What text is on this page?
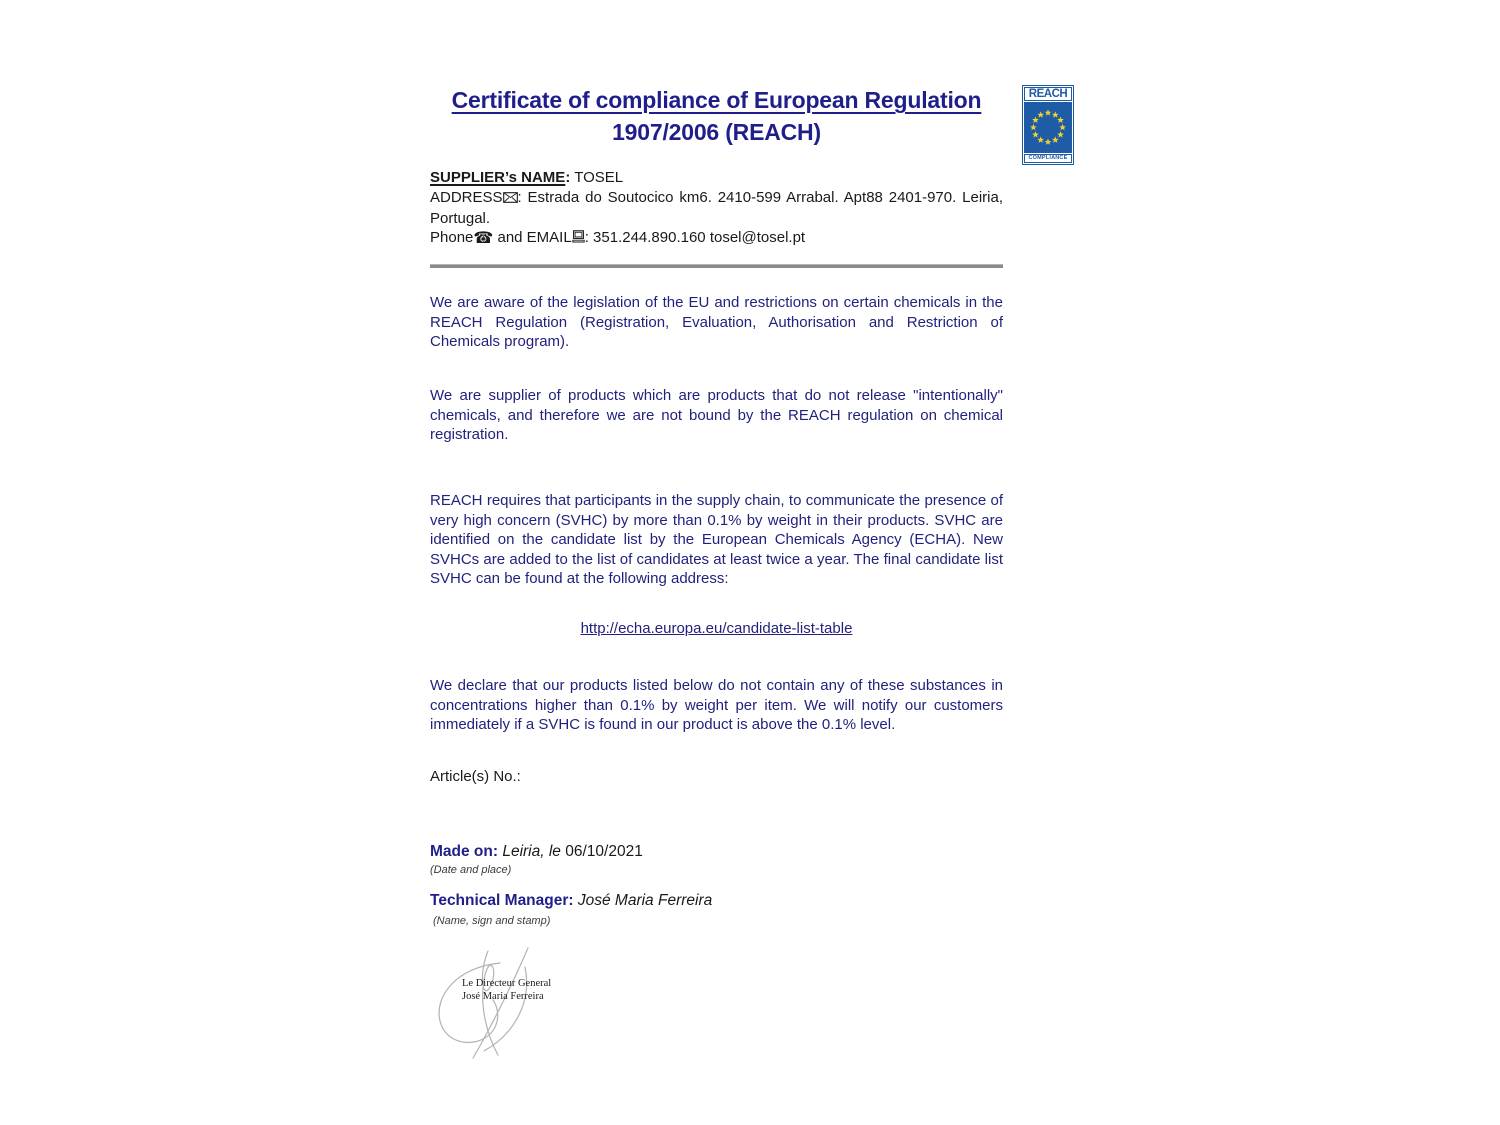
Certificate of compliance of European Regulation
1907/2006 (REACH)
REACH
COMPLIANCE
SUPPLIER’s NAME: TOSEL
ADDRESS : Estrada do Soutocico km6. 2410-599 Arrabal. Apt88 2401-970. Leiria, Portugal.
Phone☎ and EMAIL : 351.244.890.160 tosel@tosel.pt

We are aware of the legislation of the EU and restrictions on certain chemicals in the REACH Regulation (Registration, Evaluation, Authorisation and Restriction of Chemicals program).

We are supplier of products which are products that do not release "intentionally" chemicals, and therefore we are not bound by the REACH regulation on chemical registration.

REACH requires that participants in the supply chain, to communicate the presence of very high concern (SVHC) by more than 0.1% by weight in their products. SVHC are identified on the candidate list by the European Chemicals Agency (ECHA). New SVHCs are added to the list of candidates at least twice a year. The final candidate list SVHC can be found at the following address:

http://echa.europa.eu/candidate-list-table

We declare that our products listed below do not contain any of these substances in concentrations higher than 0.1% by weight per item. We will notify our customers immediately if a SVHC is found in our product is above the 0.1% level.

Article(s) No.:
Made on: Leiria, le 06/10/2021
(Date and place)
Technical Manager: José Maria Ferreira
(Name, sign and stamp)
Le Directeur General
José Maria Ferreira
